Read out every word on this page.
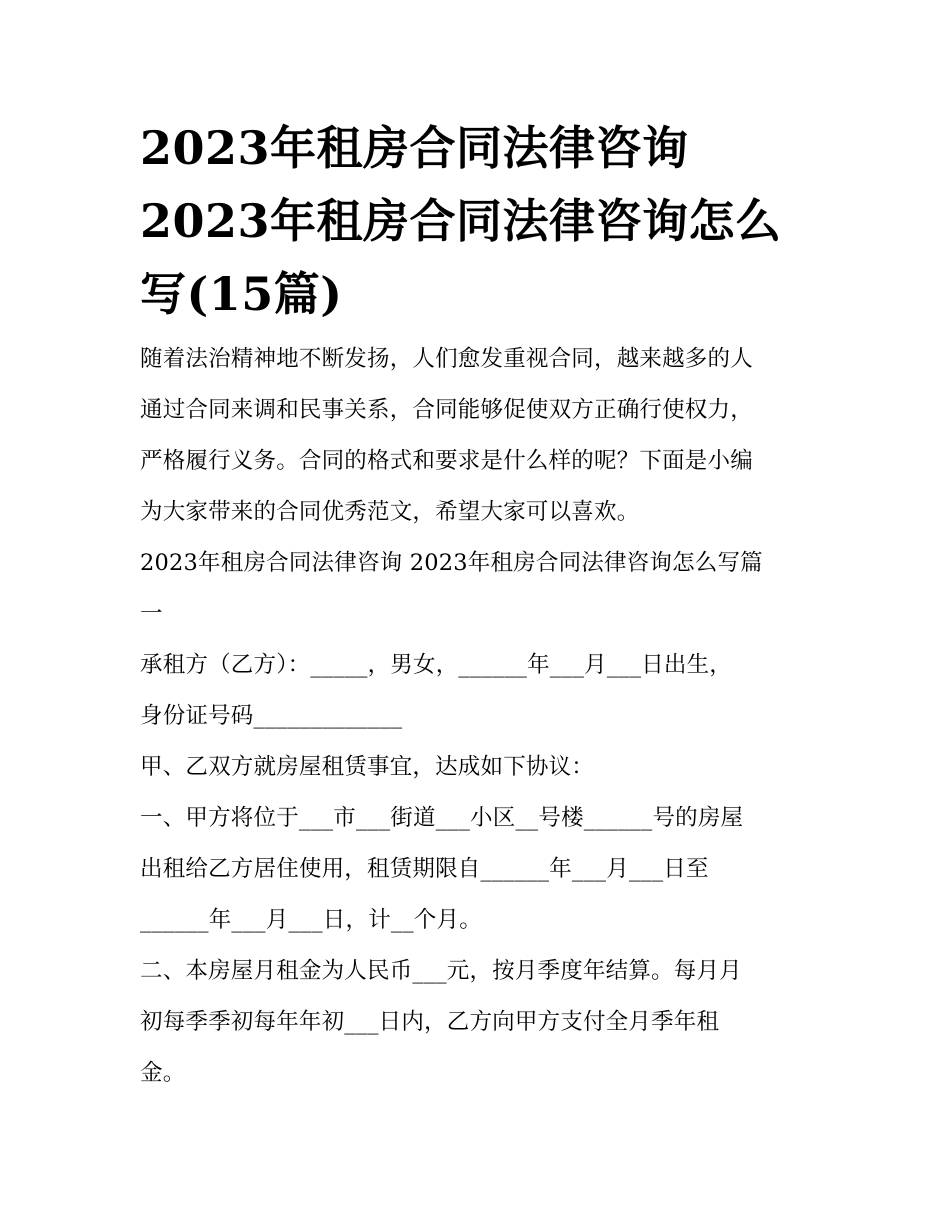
2023年租房合同法律咨询
2023年租房合同法律咨询怎么
写(15篇)

随着法治精神地不断发扬，人们愈发重视合同，越来越多的人
通过合同来调和民事关系，合同能够促使双方正确行使权力，
严格履行义务。合同的格式和要求是什么样的呢？下面是小编
为大家带来的合同优秀范文，希望大家可以喜欢。

2023年租房合同法律咨询 2023年租房合同法律咨询怎么写篇
一

承租方（乙方）：_____，男女，______年___月___日出生，
身份证号码_____________

甲、乙双方就房屋租赁事宜，达成如下协议：

一、甲方将位于___市___街道___小区__号楼______号的房屋
出租给乙方居住使用，租赁期限自______年___月___日至
______年___月___日，计__个月。

二、本房屋月租金为人民币___元，按月季度年结算。每月月
初每季季初每年年初___日内，乙方向甲方支付全月季年租
金。
